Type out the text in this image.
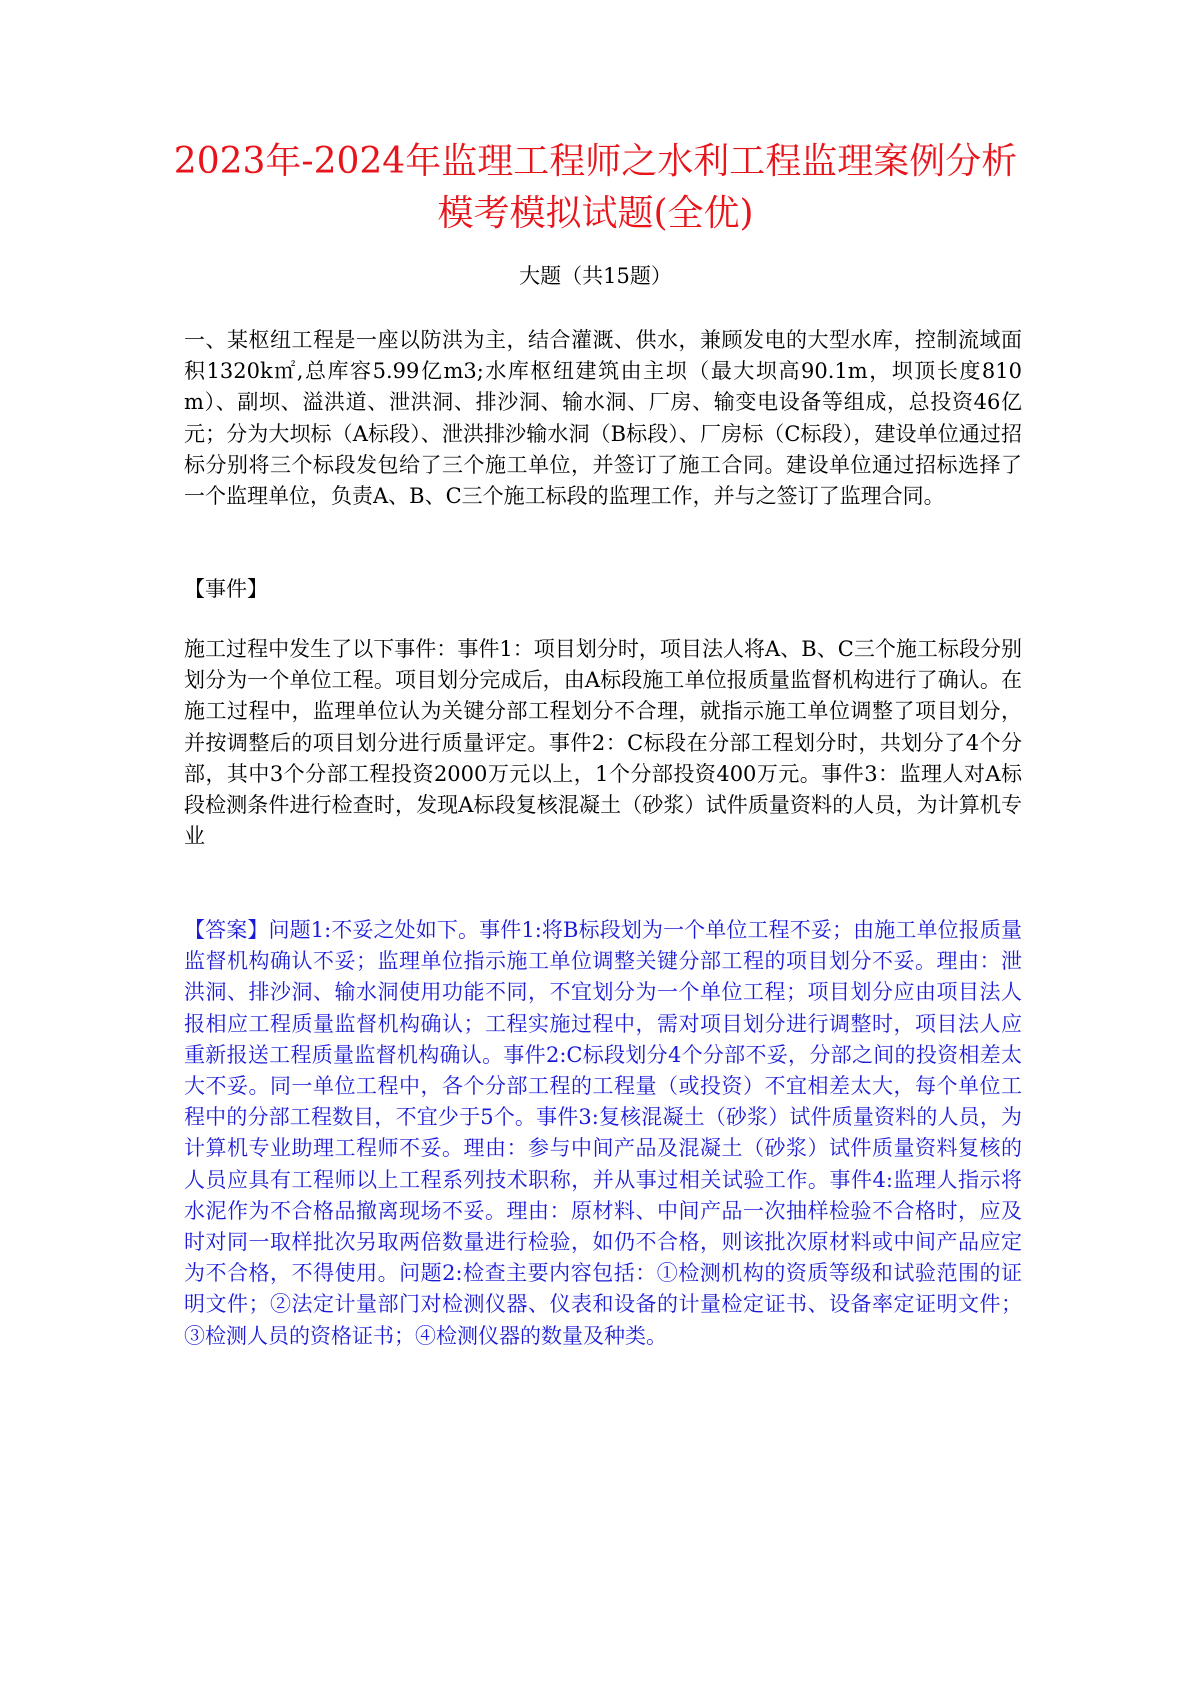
2023年-2024年监理工程师之水利工程监理案例分析模考模拟试题(全优)
大题（共15题）
一、某枢纽工程是一座以防洪为主，结合灌溉、供水，兼顾发电的大型水库，控制流域面积1320k㎡,总库容5.99亿m3;水库枢纽建筑由主坝（最大坝高90.1m，坝顶长度810m）、副坝、溢洪道、泄洪洞、排沙洞、输水洞、厂房、输变电设备等组成，总投资46亿元；分为大坝标（A标段）、泄洪排沙输水洞（B标段）、厂房标（C标段），建设单位通过招标分别将三个标段发包给了三个施工单位，并签订了施工合同。建设单位通过招标选择了一个监理单位，负责A、B、C三个施工标段的监理工作，并与之签订了监理合同。
【事件】
施工过程中发生了以下事件：事件1：项目划分时，项目法人将A、B、C三个施工标段分别划分为一个单位工程。项目划分完成后，由A标段施工单位报质量监督机构进行了确认。在施工过程中，监理单位认为关键分部工程划分不合理，就指示施工单位调整了项目划分，并按调整后的项目划分进行质量评定。事件2：C标段在分部工程划分时，共划分了4个分部，其中3个分部工程投资2000万元以上，1个分部投资400万元。事件3：监理人对A标段检测条件进行检查时，发现A标段复核混凝土（砂浆）试件质量资料的人员，为计算机专业
【答案】问题1:不妥之处如下。事件1:将B标段划为一个单位工程不妥；由施工单位报质量监督机构确认不妥；监理单位指示施工单位调整关键分部工程的项目划分不妥。理由：泄洪洞、排沙洞、输水洞使用功能不同，不宜划分为一个单位工程；项目划分应由项目法人报相应工程质量监督机构确认；工程实施过程中，需对项目划分进行调整时，项目法人应重新报送工程质量监督机构确认。事件2:C标段划分4个分部不妥，分部之间的投资相差太大不妥。同一单位工程中，各个分部工程的工程量（或投资）不宜相差太大，每个单位工程中的分部工程数目，不宜少于5个。事件3:复核混凝土（砂浆）试件质量资料的人员，为计算机专业助理工程师不妥。理由：参与中间产品及混凝土（砂浆）试件质量资料复核的人员应具有工程师以上工程系列技术职称，并从事过相关试验工作。事件4:监理人指示将水泥作为不合格品撤离现场不妥。理由：原材料、中间产品一次抽样检验不合格时，应及时对同一取样批次另取两倍数量进行检验，如仍不合格，则该批次原材料或中间产品应定为不合格，不得使用。问题2:检查主要内容包括：①检测机构的资质等级和试验范围的证明文件；②法定计量部门对检测仪器、仪表和设备的计量检定证书、设备率定证明文件；③检测人员的资格证书；④检测仪器的数量及种类。
